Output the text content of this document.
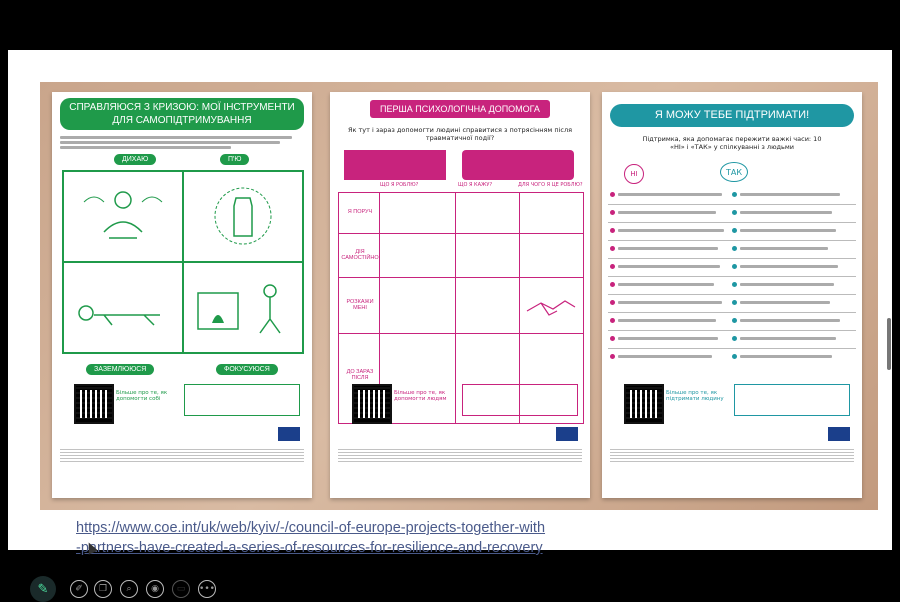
СПРАВЛЯЮСЯ З КРИЗОЮ: МОЇ ІНСТРУМЕНТИ ДЛЯ САМОПІДТРИМУВАННЯ
ДИХАЮ	П'Ю
ЗАЗЕМЛЮЮСЯ	ФОКУСУЮСЯ
Більше про те, як допомогти собі
ПЕРША ПСИХОЛОГІЧНА ДОПОМОГА
Як тут і зараз допомогти людині справитися з потрясінням після травматичної події?
ЩО Я РОБЛЮ?	ЩО Я КАЖУ?	ДЛЯ ЧОГО Я ЦЕ РОБЛЮ?
Я ПОРУЧ
ДІЯ САМОСТІЙНО
РОЗКАЖИ МЕНІ
ДО ЗАРАЗ ПІСЛЯ
Більше про те, як допомогти людям
Я МОЖУ ТЕБЕ ПІДТРИМАТИ!
Підтримка, яка допомагає пережити важкі часи: 10 «НІ» і «ТАК» у спілкуванні з людьми
НІ	ТАК
Більше про те, як підтримати людину
https://www.coe.int/uk/web/kyiv/-/council-of-europe-projects-together-with-partners-have-created-a-series-of-resources-for-resilience-and-recovery
✎	✐	❐	⌕	◉	▭	•••
